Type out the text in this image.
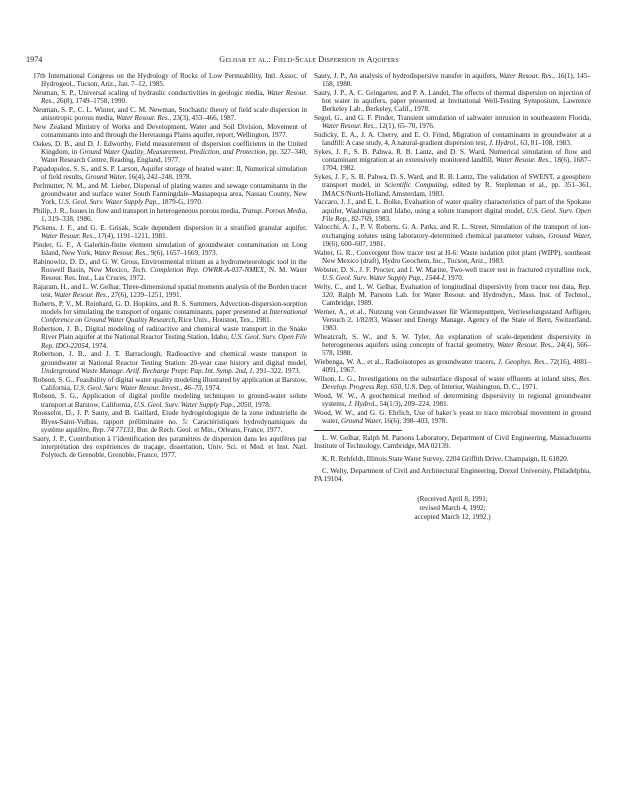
1974	Gelhar et al.: Field-Scale Dispersion in Aquifers
17th International Congress on the Hydrology of Rocks of Low Permeability, Intl. Assoc. of Hydrogeol., Tucson, Ariz., Jan. 7–12, 1985.
Neuman, S. P., Universal scaling of hydraulic conductivities in geologic media, Water Resour. Res., 26(8), 1749–1758, 1990.
Neuman, S. P., C. L. Winter, and C. M. Newman, Stochastic theory of field scale dispersion in anisotropic porous media, Water Resour. Res., 23(3), 453–466, 1987.
New Zealand Ministry of Works and Development, Water and Soil Division, Movement of contaminants into and through the Heretaunga Plains aquifer, report, Wellington, 1977.
Oakes, D. B., and D. J. Edworthy, Field measurement of dispersion coefficients in the United Kingdom, in Ground Water Quality, Measurement, Prediction, and Protection, pp. 327–340, Water Research Centre, Reading, England, 1977.
Papadopulos, S. S., and S. P. Larson, Aquifer storage of heated water: II, Numerical simulation of field results, Ground Water, 16(4), 242–248, 1978.
Perlmutter, N. M., and M. Lieber, Dispersal of plating wastes and sewage contaminants in the groundwater and surface water South Farmingdale–Massapequa area, Nassau County, New York, U.S. Geol. Surv. Water Supply Pap., 1879-G, 1970.
Philip, J. R., Issues in flow and transport in heterogeneous porous media, Transp. Porous Media, 1, 319–338, 1986.
Pickens, J. F., and G. E. Grisak, Scale dependent dispersion in a stratified granular aquifer, Water Resour. Res., 17(4), 1191–1211, 1981.
Pinder, G. F., A Galerkin-finite element simulation of groundwater contamination on Long Island, New York, Water Resour. Res., 9(6), 1657–1669, 1973.
Rabinowitz, D. D., and G. W. Gross, Environmental tritium as a hydrometeorologic tool in the Roswell Basin, New Mexico, Tech. Completion Rep. OWRR-A-037-NMEX, N. M. Water Resour. Res. Inst., Las Cruces, 1972.
Rajaram, H., and L. W. Gelhar, Three-dimensional spatial moments analysis of the Borden tracer test, Water Resour. Res., 27(6), 1239–1251, 1991.
Roberts, P. V., M. Reinhard, G. D. Hopkins, and R. S. Summers, Advection-dispersion-sorption models for simulating the transport of organic contaminants, paper presented at International Conference on Ground Water Quality Research, Rice Univ., Houston, Tex., 1981.
Robertson, J. B., Digital modeling of radioactive and chemical waste transport in the Snake River Plain aquifer at the National Reactor Testing Station, Idaho, U.S. Geol. Surv. Open File Rep. IDO-22054, 1974.
Robertson, J. B., and J. T. Barraclough, Radioactive and chemical waste transport in groundwater at National Reactor Testing Station: 20-year case history and digital model, Underground Waste Manage. Artif. Recharge Prepr. Pap. Int. Symp. 2nd, 1, 291–322, 1973.
Robson, S. G., Feasibility of digital water quality modeling illustrated by application at Barstow, California, U.S. Geol. Surv. Water Resour. Invest., 46–73, 1974.
Robson, S. G., Application of digital profile modeling techniques to ground-water solute transport at Barstow, California, U.S. Geol. Surv. Water Supply Pap., 2050, 1978.
Rousselot, D., J. P. Sauty, and B. Gaillard, Etude hydrogéologique de la zone industrielle de Blyes-Saint-Vulbas, rapport préliminaire no. 5: Caractéristiques hydrodynamiques du système aquifère, Rep. 74 77133, Bur. de Rech. Geol. et Min., Orleans, France, 1977.
Sauty, J. P., Contribution à l’identification des paramètres de dispersion dans les aquifères par interprétation des expériences de traçage, dissertation, Univ. Sci. et Med. et Inst. Natl. Polytech. de Grenoble, Grenoble, France, 1977.
Sauty, J. P., An analysis of hydrodispersive transfer in aquifers, Water Resour. Res., 16(1), 145–158, 1980.
Sauty, J. P., A. C. Gringarten, and P. A. Landel, The effects of thermal dispersion on injection of hot water in aquifers, paper presented at Invitational Well-Testing Symposium, Lawrence Berkeley Lab., Berkeley, Calif., 1978.
Segol, G., and G. F. Pinder, Transient simulation of saltwater intrusion in southeastern Florida, Water Resour. Res., 12(1), 65–70, 1976.
Sudicky, E. A., J. A. Cherry, and E. O. Frind, Migration of contaminants in groundwater at a landfill: A case study, 4, A natural-gradient dispersion test, J. Hydrol., 63, 81–108, 1983.
Sykes, J. F., S. B. Pahwa, R. B. Lantz, and D. S. Ward, Numerical simulation of flow and contaminant migration at an extensively monitored landfill, Water Resour. Res., 18(6), 1687–1704, 1982.
Sykes, J. F., S. B. Pahwa, D. S. Ward, and R. B. Lantz, The validation of SWENT, a geosphere transport model, in Scientific Computing, edited by R. Stepleman et al., pp. 351–361, IMACS/North-Holland, Amsterdam, 1983.
Vaccaro, J. J., and E. L. Bolke, Evaluation of water quality characteristics of part of the Spokane aquifer, Washington and Idaho, using a solute transport digital model, U.S. Geol. Surv. Open File Rep., 82-769, 1983.
Valocchi, A. J., P. V. Roberts, G. A. Parks, and R. L. Street, Simulation of the transport of ion-exchanging solutes using laboratory-determined chemical parameter values, Ground Water, 19(6), 600–607, 1981.
Walter, G. R., Convergent flow tracer test at H-6: Waste isolation pilot plant (WIPP), southeast New Mexico (draft), Hydro Geochem, Inc., Tucson, Ariz., 1983.
Webster, D. S., J. F. Procter, and I. W. Marine, Two-well tracer test in fractured crystalline rock, U.S. Geol. Surv. Water Supply Pap., 1544-I, 1970.
Welty, C., and L. W. Gelhar, Evaluation of longitudinal dispersivity from tracer test data, Rep. 320, Ralph M. Parsons Lab. for Water Resour. and Hydrodyn., Mass. Inst. of Technol., Cambridge, 1989.
Werner, A., et al., Nutzung von Grundwasser für Wärmepumpen, Verrieselungsstand Aefligen, Versuch 2, 1/82/83, Wasser und Energy Manage. Agency of the State of Bern, Switzerland, 1983.
Wheatcraft, S. W., and S. W. Tyler, An explanation of scale-dependent dispersivity in heterogeneous aquifers using concepts of fractal geometry, Water Resour. Res., 24(4), 566–578, 1988.
Wiebenga, W. A., et al., Radioisotopes as groundwater tracers, J. Geophys. Res., 72(16), 4081–4091, 1967.
Wilson, L. G., Investigations on the subsurface disposal of waste effluents at inland sites, Res. Develop. Progress Rep. 650, U.S. Dep. of Interior, Washington, D. C., 1971.
Wood, W. W., A geochemical method of determining dispersivity in regional groundwater systems, J. Hydrol., 54(1/3), 209–224, 1981.
Wood, W. W., and G. G. Ehrlich, Use of baker’s yeast to trace microbial movement in ground water, Ground Water, 16(6), 398–403, 1978.
L. W. Gelhar, Ralph M. Parsons Laboratory, Department of Civil Engineering, Massachusetts Institute of Technology, Cambridge, MA 02139.
K. R. Rehfeldt, Illinois State Water Survey, 2204 Griffith Drive, Champaign, IL 61820.
C. Welty, Department of Civil and Architectural Engineering, Drexel University, Philadelphia, PA 19104.
(Received April 8, 1991;
revised March 4, 1992;
accepted March 12, 1992.)
